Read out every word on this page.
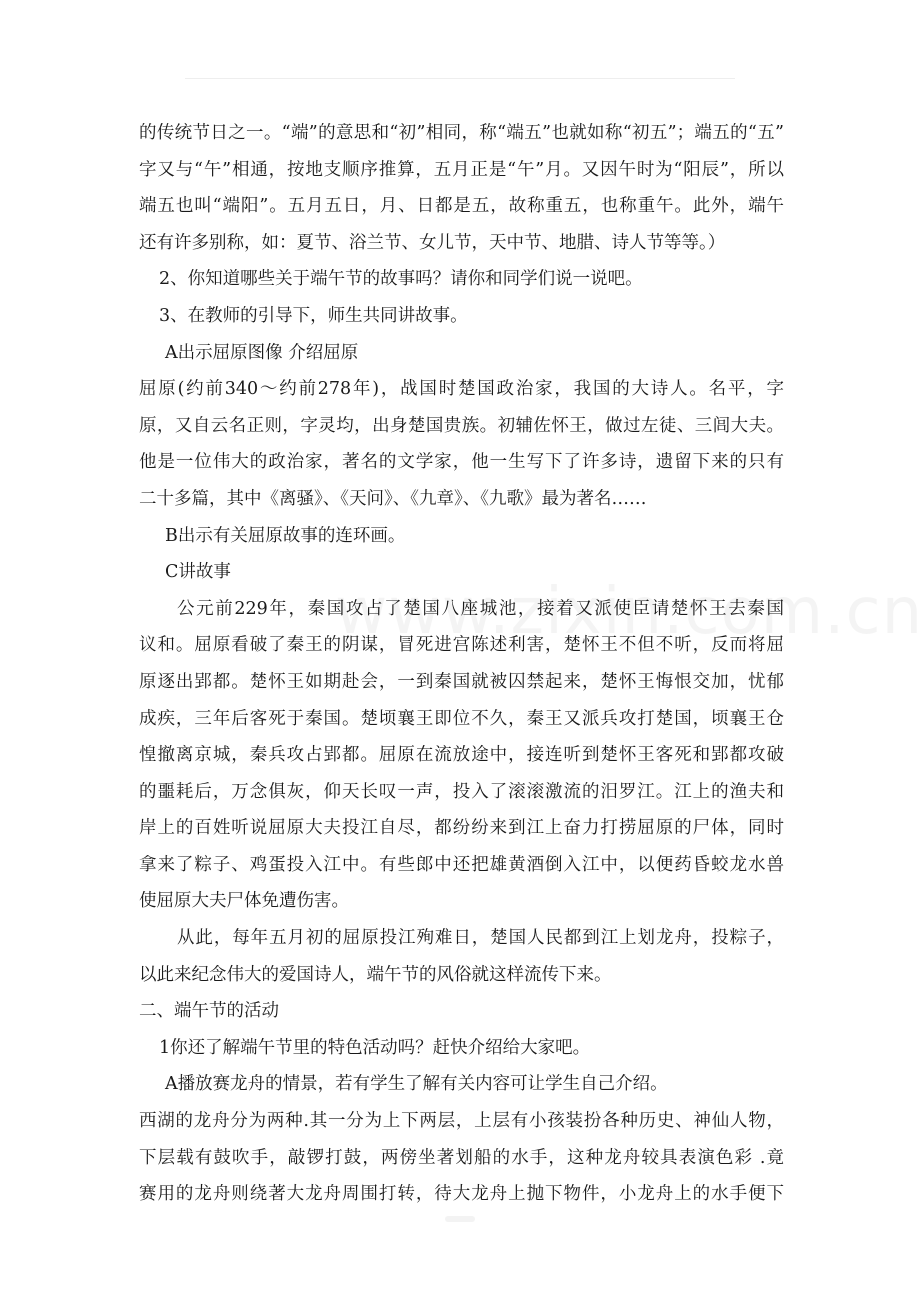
的传统节日之一。“端”的意思和“初”相同，称“端五”也就如称“初五”；端五的“五”
字又与“午”相通，按地支顺序推算，五月正是“午”月。又因午时为“阳辰”，所以
端五也叫“端阳”。五月五日，月、日都是五，故称重五，也称重午。此外，端午
还有许多别称，如：夏节、浴兰节、女儿节，天中节、地腊、诗人节等等。）
2、你知道哪些关于端午节的故事吗？请你和同学们说一说吧。
3、在教师的引导下，师生共同讲故事。
A出示屈原图像 介绍屈原
屈原(约前340～约前278年)，战国时楚国政治家，我国的大诗人。名平，字
原，又自云名正则，字灵均，出身楚国贵族。初辅佐怀王，做过左徒、三闾大夫。
他是一位伟大的政治家，著名的文学家，他一生写下了许多诗，遗留下来的只有
二十多篇，其中《离骚》、《天问》、《九章》、《九歌》最为著名……
B出示有关屈原故事的连环画。
C讲故事
公元前229年，秦国攻占了楚国八座城池，接着又派使臣请楚怀王去秦国
议和。屈原看破了秦王的阴谋，冒死进宫陈述利害，楚怀王不但不听，反而将屈
原逐出郢都。楚怀王如期赴会，一到秦国就被囚禁起来，楚怀王悔恨交加，忧郁
成疾，三年后客死于秦国。楚顷襄王即位不久，秦王又派兵攻打楚国，顷襄王仓
惶撤离京城，秦兵攻占郢都。屈原在流放途中，接连听到楚怀王客死和郢都攻破
的噩耗后，万念俱灰，仰天长叹一声，投入了滚滚激流的汨罗江。江上的渔夫和
岸上的百姓听说屈原大夫投江自尽，都纷纷来到江上奋力打捞屈原的尸体，同时
拿来了粽子、鸡蛋投入江中。有些郎中还把雄黄酒倒入江中，以便药昏蛟龙水兽
使屈原大夫尸体免遭伤害。
从此，每年五月初的屈原投江殉难日，楚国人民都到江上划龙舟，投粽子，
以此来纪念伟大的爱国诗人，端午节的风俗就这样流传下来。
二、端午节的活动
1你还了解端午节里的特色活动吗？赶快介绍给大家吧。
A播放赛龙舟的情景，若有学生了解有关内容可让学生自己介绍。
西湖的龙舟分为两种.其一分为上下两层，上层有小孩装扮各种历史、神仙人物，
下层载有鼓吹手，敲锣打鼓，两傍坐著划船的水手，这种龙舟较具表演色彩 .竟
赛用的龙舟则绕著大龙舟周围打转，待大龙舟上抛下物件，小龙舟上的水手便下
